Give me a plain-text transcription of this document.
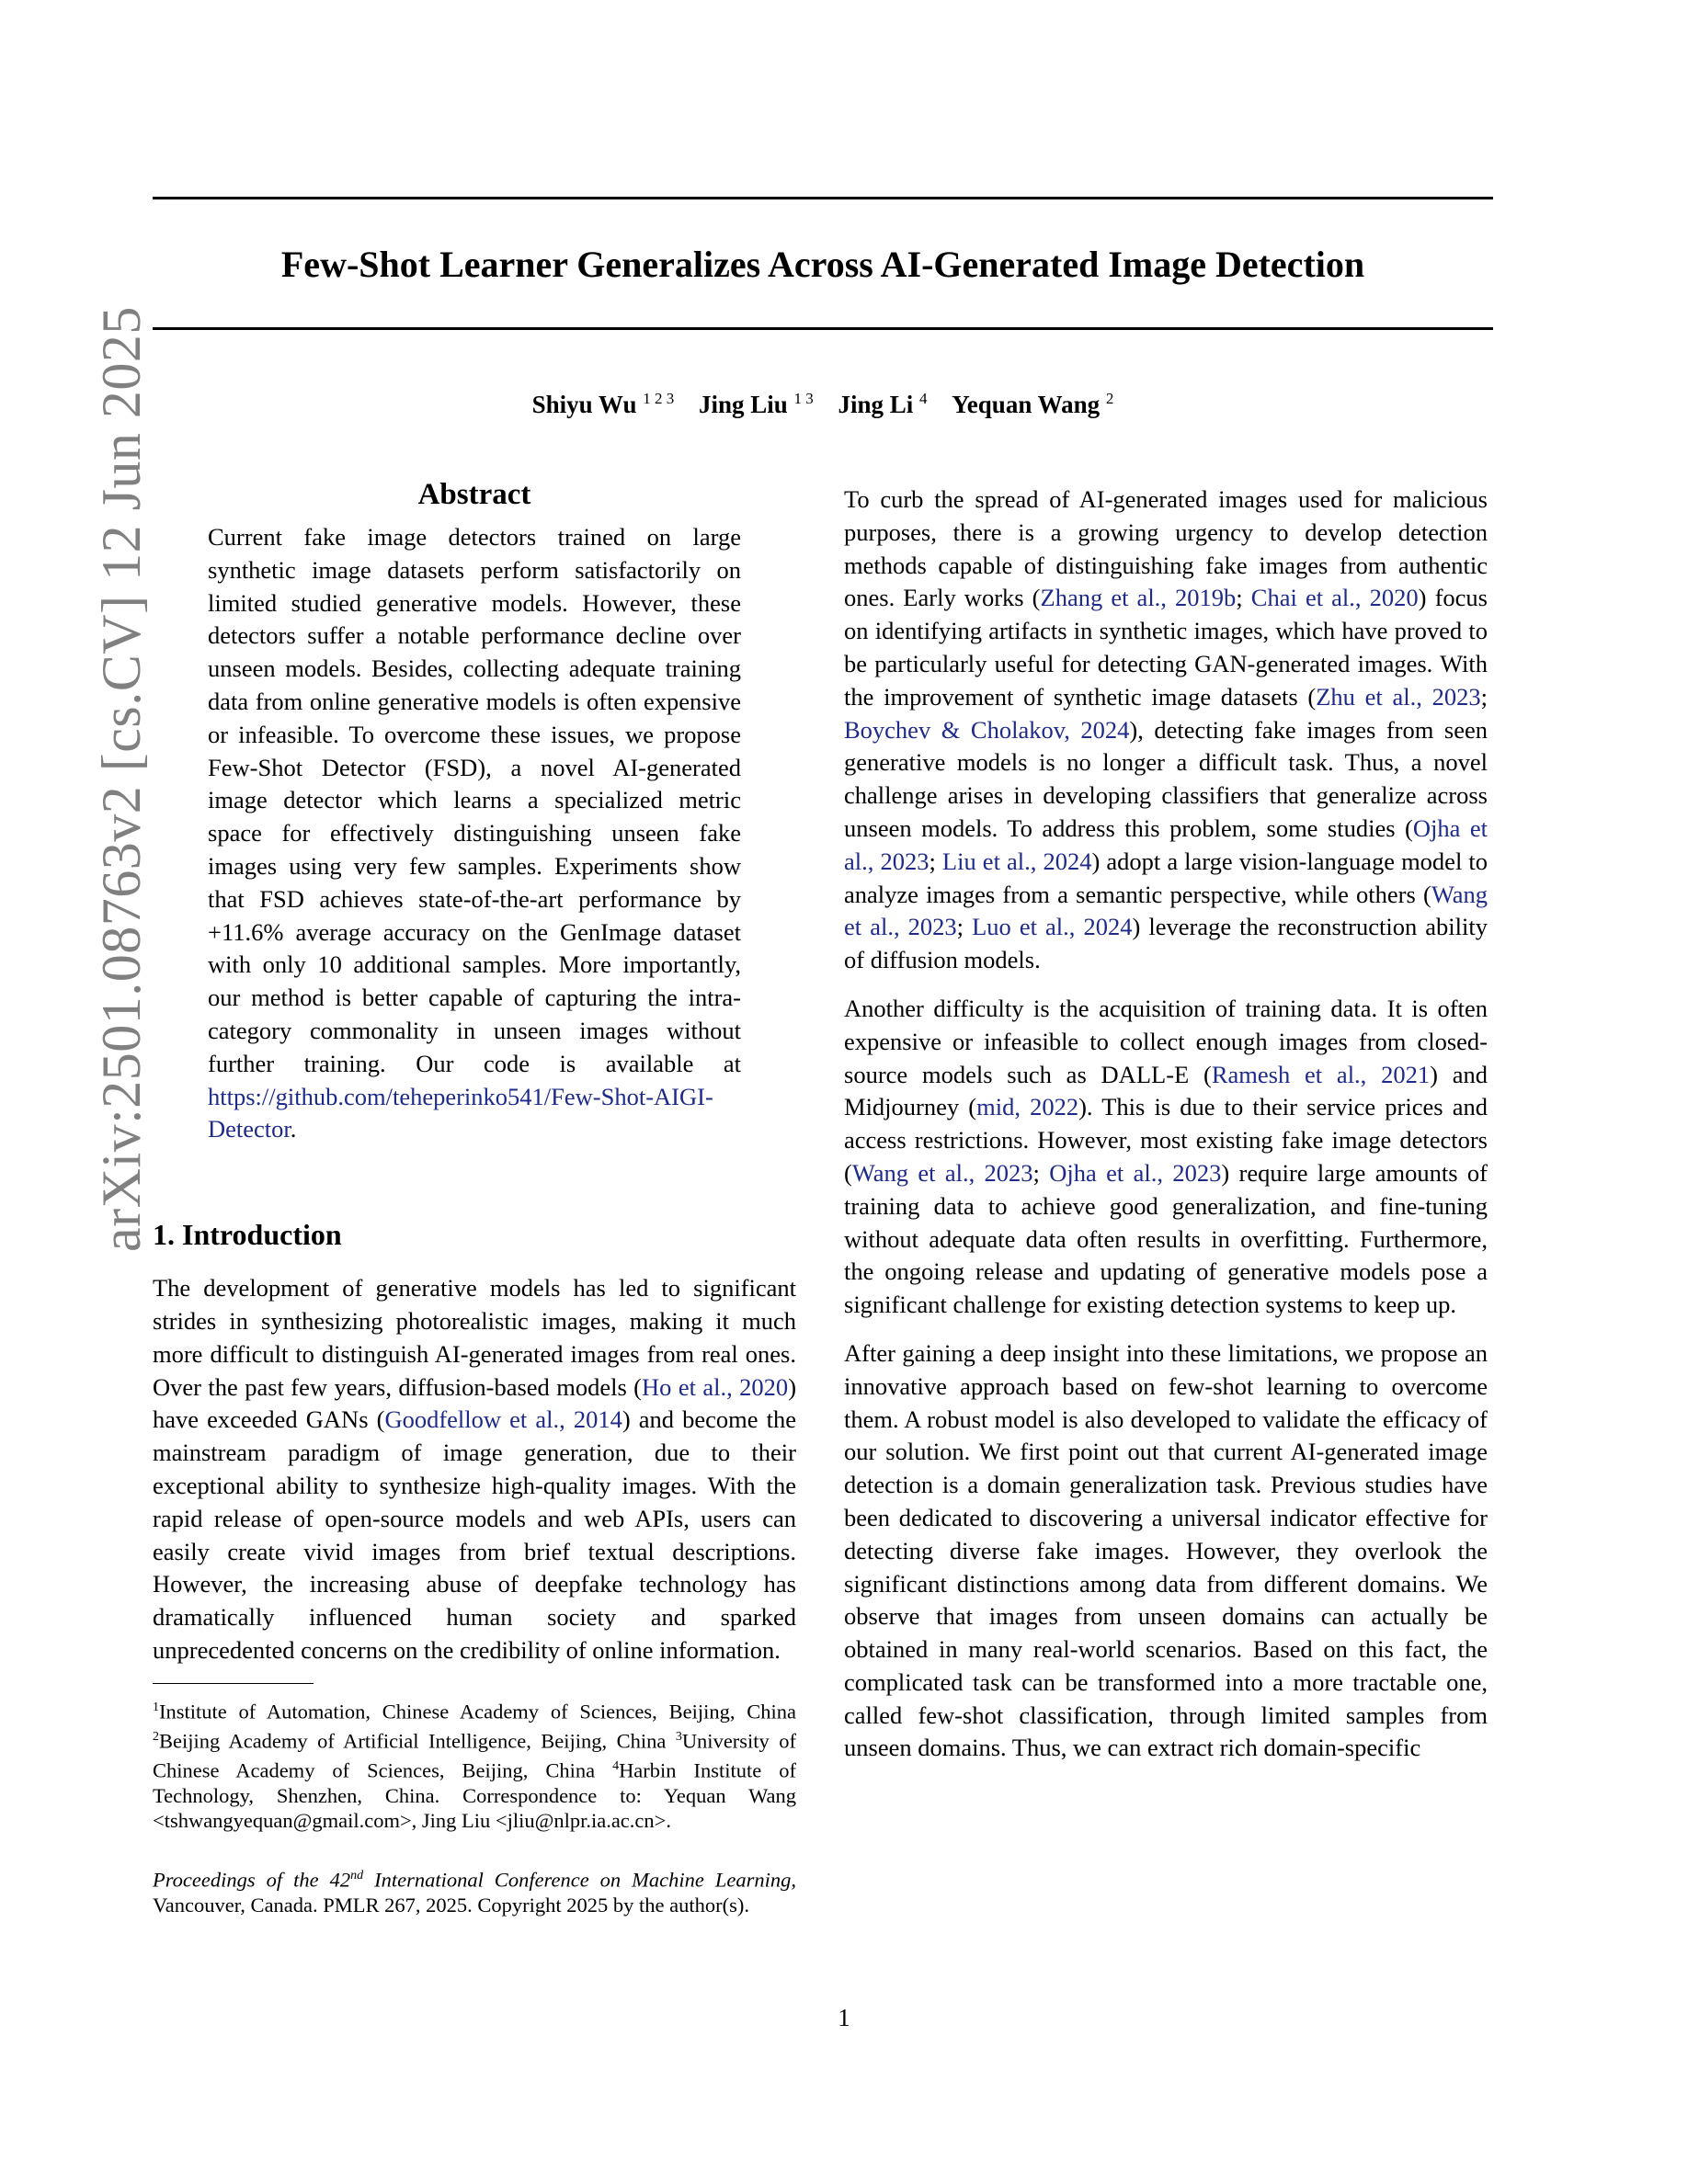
Few-Shot Learner Generalizes Across AI-Generated Image Detection
Shiyu Wu $^{1 2 3}$ Jing Liu $^{1 3}$ Jing Li $^4$ Yequan Wang $^2$
arXiv:2501.08763v2 [cs.CV] 12 Jun 2025	Abstract
Current fake image detectors trained on large synthetic image datasets perform satisfactorily on limited studied generative models. However, these detectors suffer a notable performance decline over unseen models. Besides, collecting adequate training data from online generative models is often expensive or infeasible. To overcome these issues, we propose Few-Shot Detector (FSD), a novel AI-generated image detector which learns a specialized metric space for effectively distinguishing unseen fake images using very few samples. Experiments show that FSD achieves state-of-the-art performance by +11.6% average accuracy on the GenImage dataset with only 10 additional samples. More importantly, our method is better capable of capturing the intra-category commonality in unseen images without further training. Our code is available at https://github.com/teheperinko541/Few-Shot-AIGI-Detector.
1. Introduction

The development of generative models has led to significant strides in synthesizing photorealistic images, making it much more difficult to distinguish AI-generated images from real ones. Over the past few years, diffusion-based models (Ho et al., 2020) have exceeded GANs (Goodfellow et al., 2014) and become the mainstream paradigm of image generation, due to their exceptional ability to synthesize high-quality images. With the rapid release of open-source models and web APIs, users can easily create vivid images from brief textual descriptions. However, the increasing abuse of deepfake technology has dramatically influenced human society and sparked unprecedented concerns on the credibility of online information.

$^1$Institute of Automation, Chinese Academy of Sciences, Beijing, China $^2$Beijing Academy of Artificial Intelligence, Beijing, China $^3$University of Chinese Academy of Sciences, Beijing, China $^4$Harbin Institute of Technology, Shenzhen, China. Correspondence to: Yequan Wang <tshwangyequan@gmail.com>, Jing Liu <jliu@nlpr.ia.ac.cn>.
Proceedings of the 42nd International Conference on Machine Learning, Vancouver, Canada. PMLR 267, 2025. Copyright 2025 by the author(s).

To curb the spread of AI-generated images used for malicious purposes, there is a growing urgency to develop detection methods capable of distinguishing fake images from authentic ones. Early works (Zhang et al., 2019b; Chai et al., 2020) focus on identifying artifacts in synthetic images, which have proved to be particularly useful for detecting GAN-generated images. With the improvement of synthetic image datasets (Zhu et al., 2023; Boychev & Cholakov, 2024), detecting fake images from seen generative models is no longer a difficult task. Thus, a novel challenge arises in developing classifiers that generalize across unseen models. To address this problem, some studies (Ojha et al., 2023; Liu et al., 2024) adopt a large vision-language model to analyze images from a semantic perspective, while others (Wang et al., 2023; Luo et al., 2024) leverage the reconstruction ability of diffusion models.

Another difficulty is the acquisition of training data. It is often expensive or infeasible to collect enough images from closed-source models such as DALL-E (Ramesh et al., 2021) and Midjourney (mid, 2022). This is due to their service prices and access restrictions. However, most existing fake image detectors (Wang et al., 2023; Ojha et al., 2023) require large amounts of training data to achieve good generalization, and fine-tuning without adequate data often results in overfitting. Furthermore, the ongoing release and updating of generative models pose a significant challenge for existing detection systems to keep up.

After gaining a deep insight into these limitations, we propose an innovative approach based on few-shot learning to overcome them. A robust model is also developed to validate the efficacy of our solution. We first point out that current AI-generated image detection is a domain generalization task. Previous studies have been dedicated to discovering a universal indicator effective for detecting diverse fake images. However, they overlook the significant distinctions among data from different domains. We observe that images from unseen domains can actually be obtained in many real-world scenarios. Based on this fact, the complicated task can be transformed into a more tractable one, called few-shot classification, through limited samples from unseen domains. Thus, we can extract rich domain-specific

1
